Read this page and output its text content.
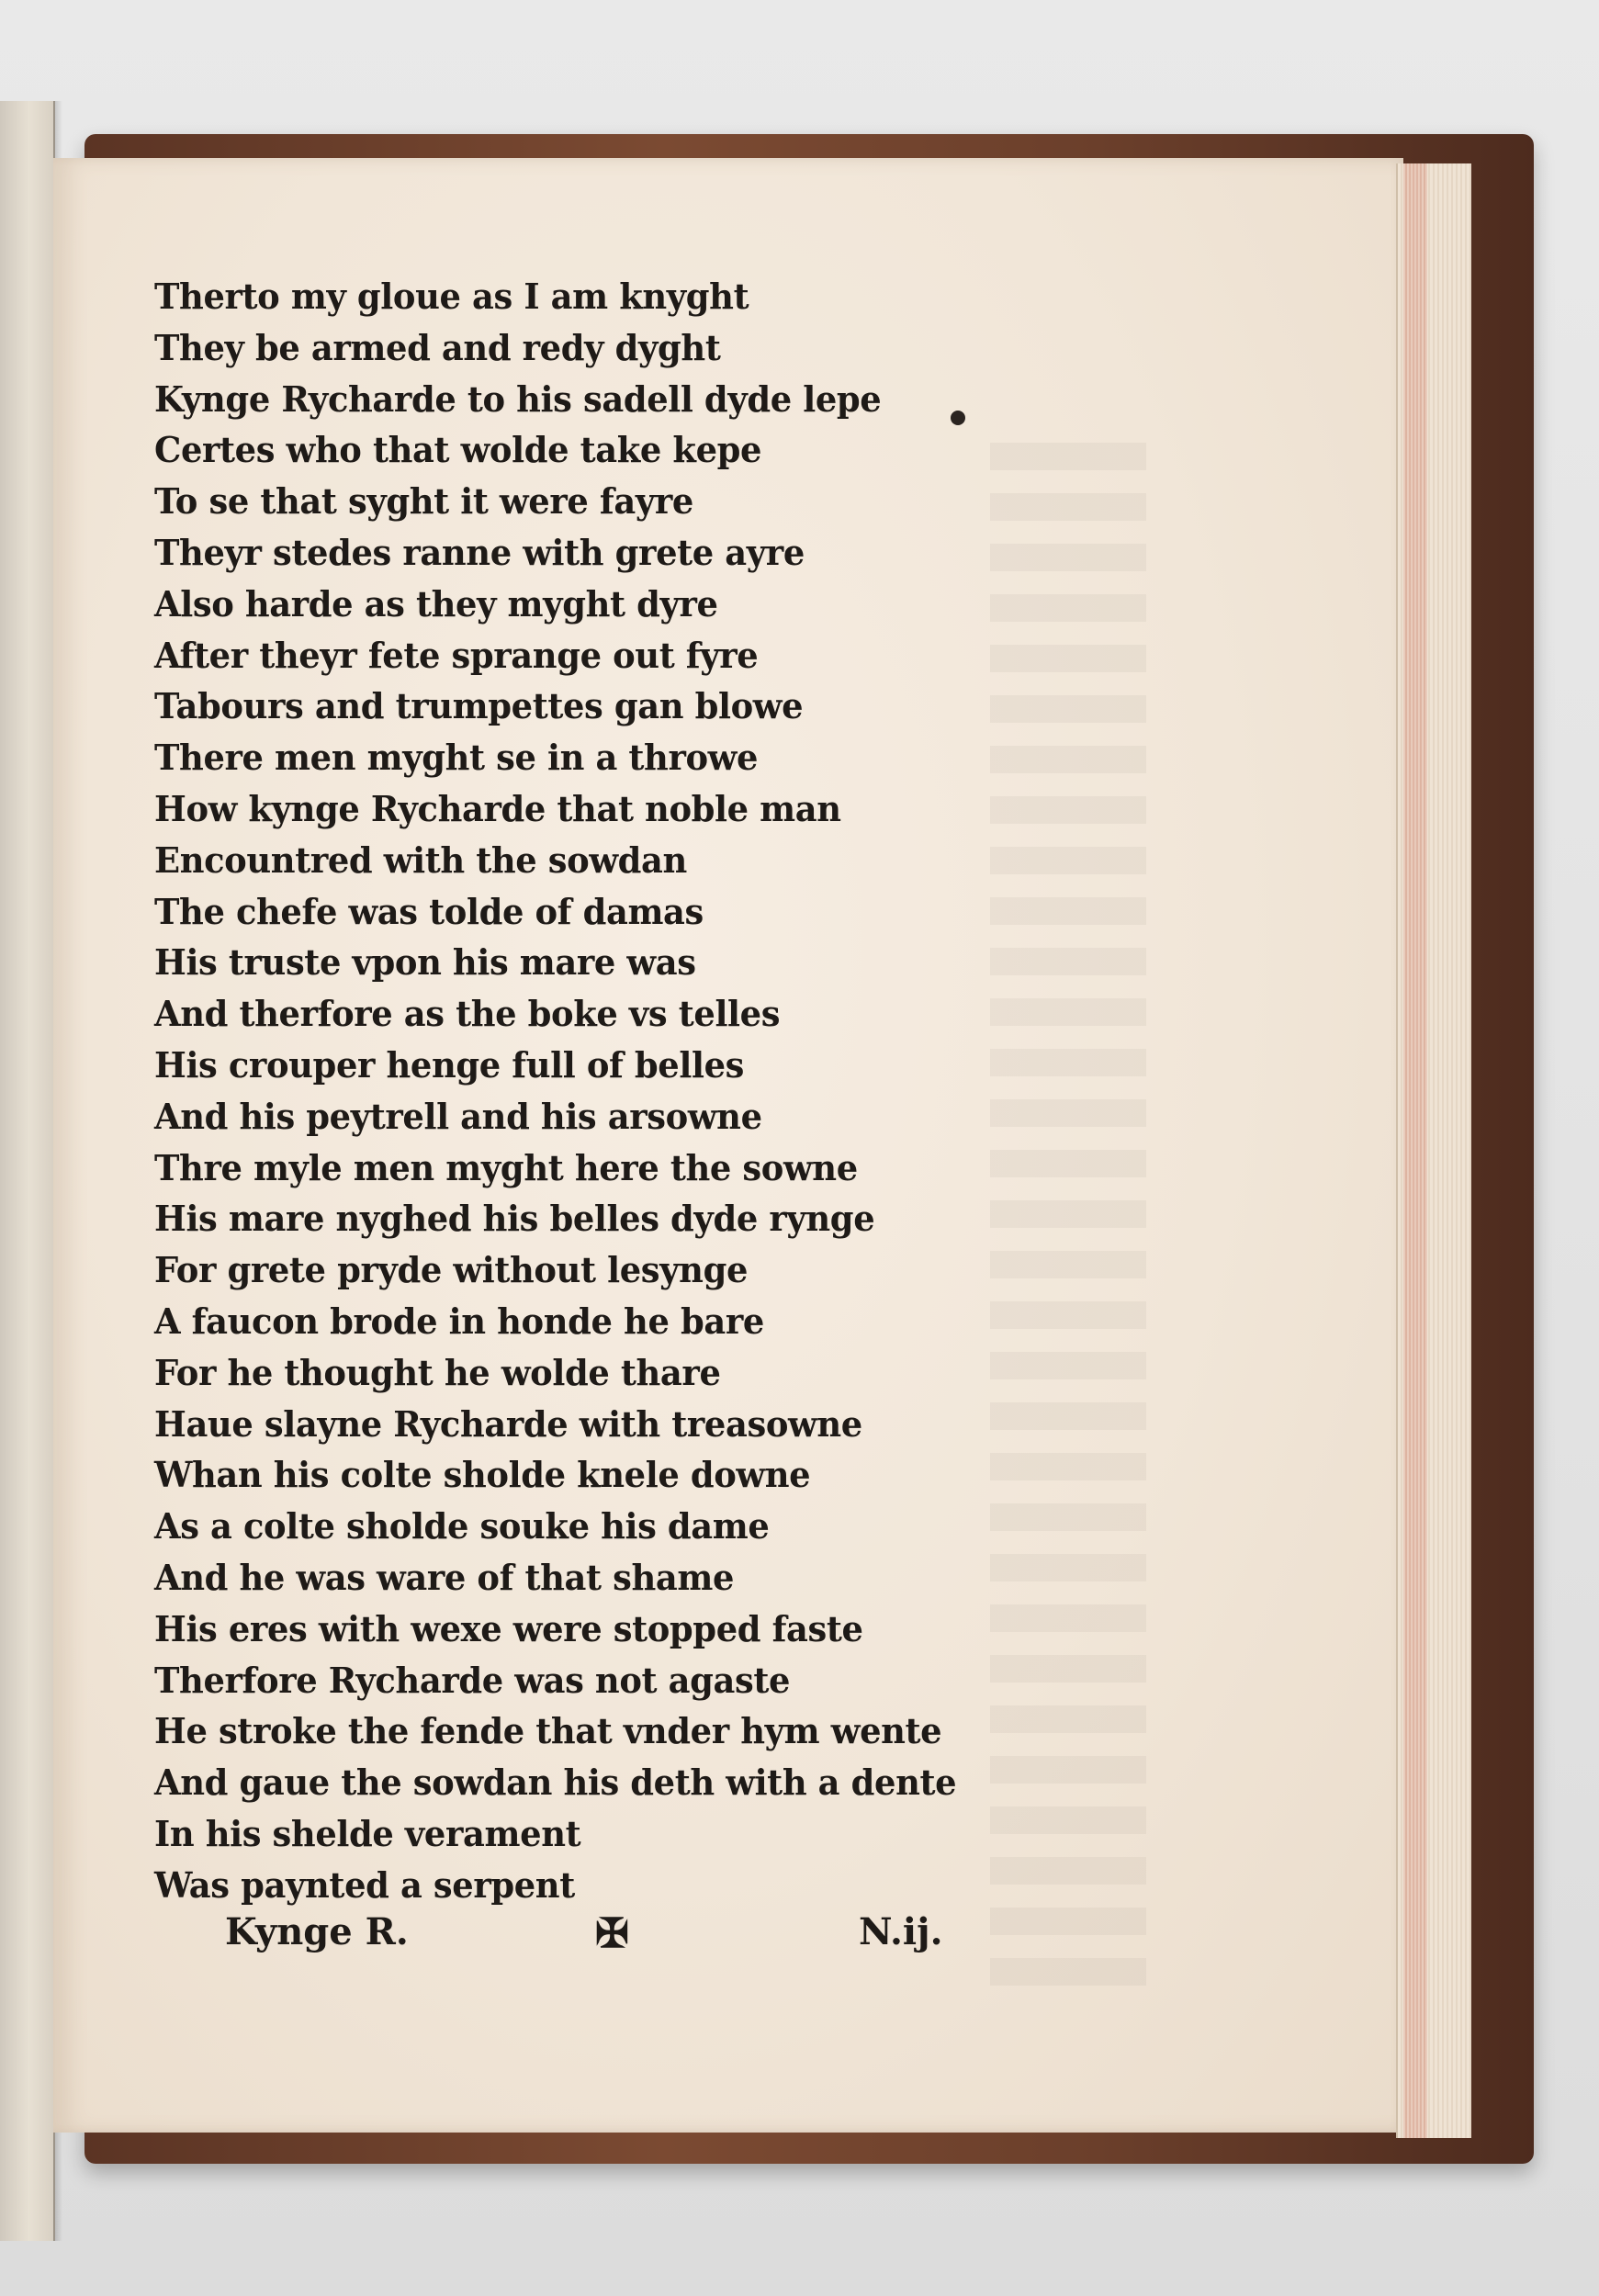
Therto my gloue as I am knyght

They be armed and redy dyght

Kynge Rycharde to his sadell dyde lepe

Certes who that wolde take kepe

To se that syght it were fayre

Theyr stedes ranne with grete ayre

Also harde as they myght dyre

After theyr fete sprange out fyre

Tabours and trumpettes gan blowe

There men myght se in a throwe

How kynge Rycharde that noble man

Encountred with the sowdan

The chefe was tolde of damas

His truste vpon his mare was

And therfore as the boke vs telles

His crouper henge full of belles

And his peytrell and his arsowne

Thre myle men myght here the sowne

His mare nyghed his belles dyde rynge

For grete pryde without lesynge

A faucon brode in honde he bare

For he thought he wolde thare

Haue slayne Rycharde with treasowne

Whan his colte sholde knele downe

As a colte sholde souke his dame

And he was ware of that shame

His eres with wexe were stopped faste

Therfore Rycharde was not agaste

He stroke the fende that vnder hym wente

And gaue the sowdan his deth with a dente

In his shelde verament

Was paynted a serpent

Kynge R.	✠	N.ij.
